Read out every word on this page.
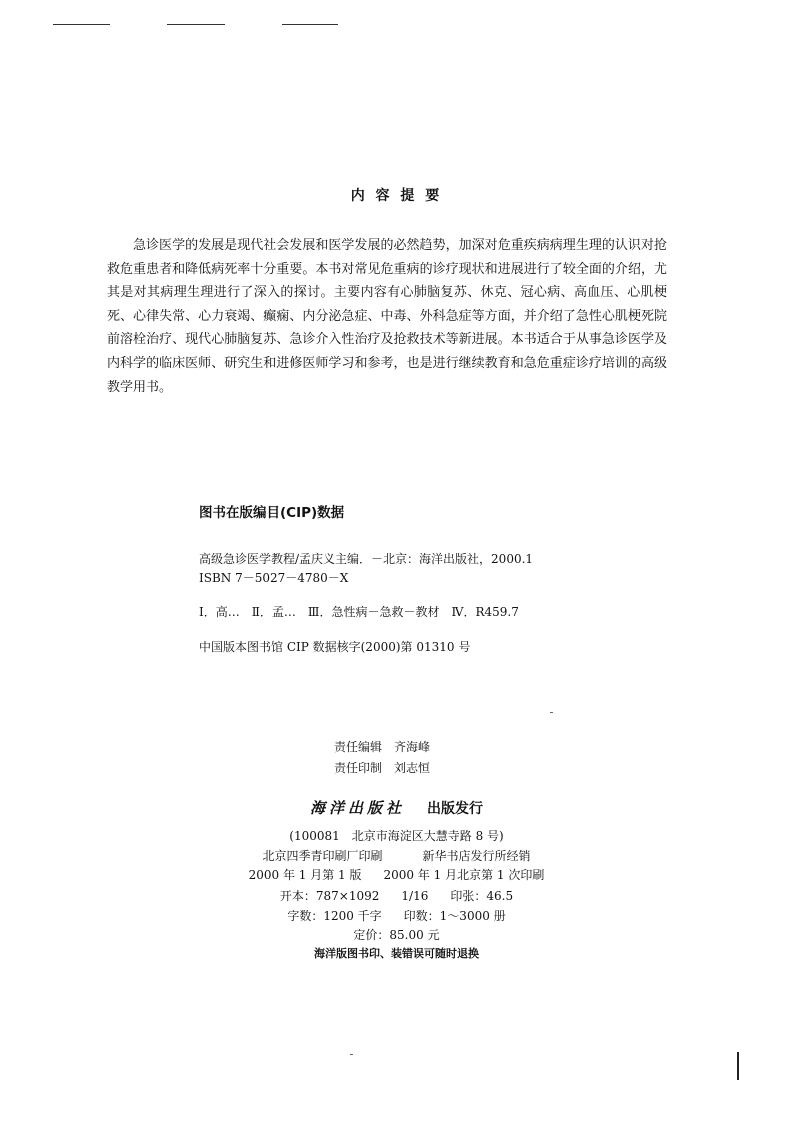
内 容 提 要

急诊医学的发展是现代社会发展和医学发展的必然趋势，加深对危重疾病病理生理的认识对抢救危重患者和降低病死率十分重要。本书对常见危重病的诊疗现状和进展进行了较全面的介绍，尤其是对其病理生理进行了深入的探讨。主要内容有心肺脑复苏、休克、冠心病、高血压、心肌梗死、心律失常、心力衰竭、癫痫、内分泌急症、中毒、外科急症等方面，并介绍了急性心肌梗死院前溶栓治疗、现代心肺脑复苏、急诊介入性治疗及抢救技术等新进展。本书适合于从事急诊医学及内科学的临床医师、研究生和进修医师学习和参考，也是进行继续教育和急危重症诊疗培训的高级教学用书。

图书在版编目(CIP)数据
高级急诊医学教程/孟庆义主编．－北京：海洋出版社，2000.1
ISBN 7－5027－4780－X
Ⅰ．高…　Ⅱ．孟…　Ⅲ．急性病－急救－教材　Ⅳ．R459.7
中国版本图书馆 CIP 数据核字(2000)第 01310 号
责任编辑 齐海峰
责任印制 刘志恒
海洋出版社 出版发行
(100081　北京市海淀区大慧寺路 8 号)
北京四季青印刷厂印刷	新华书店发行所经销
2000 年 1 月第 1 版 2000 年 1 月北京第 1 次印刷
开本：787×1092 1/16 印张：46.5
字数：1200 千字 印数：1～3000 册
定价：85.00 元
海洋版图书印、装错误可随时退换
